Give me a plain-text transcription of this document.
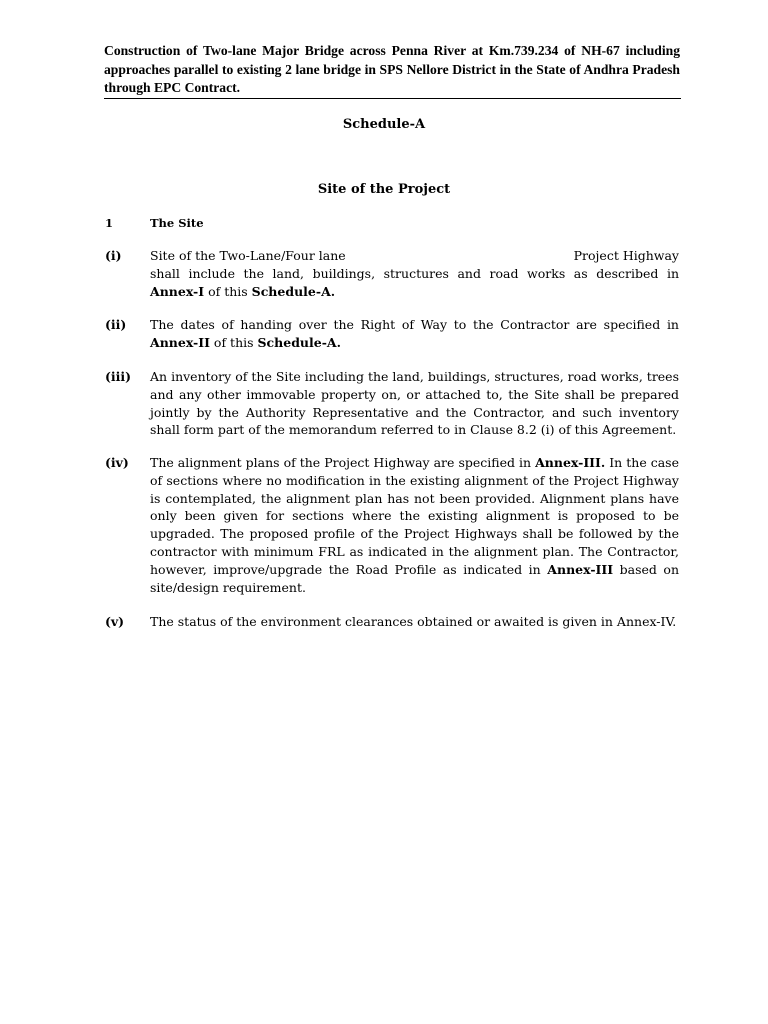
Construction of Two-lane Major Bridge across Penna River at Km.739.234 of NH-67 including approaches parallel to existing 2 lane bridge in SPS Nellore District in the State of Andhra Pradesh through EPC Contract.
Schedule-A
Site of the Project
1	The Site
(i) Site of the Two-Lane/Four lane	Project Highway
shall include the land, buildings, structures and road works as described in Annex-I of this Schedule-A.
(ii) The dates of handing over the Right of Way to the Contractor are specified in Annex-II of this Schedule-A.
(iii) An inventory of the Site including the land, buildings, structures, road works, trees and any other immovable property on, or attached to, the Site shall be prepared jointly by the Authority Representative and the Contractor, and such inventory shall form part of the memorandum referred to in Clause 8.2 (i) of this Agreement.
(iv) The alignment plans of the Project Highway are specified in Annex-III. In the case of sections where no modification in the existing alignment of the Project Highway is contemplated, the alignment plan has not been provided. Alignment plans have only been given for sections where the existing alignment is proposed to be upgraded. The proposed profile of the Project Highways shall be followed by the contractor with minimum FRL as indicated in the alignment plan. The Contractor, however, improve/upgrade the Road Profile as indicated in Annex-III based on site/design requirement.
(v) The status of the environment clearances obtained or awaited is given in Annex-IV.
